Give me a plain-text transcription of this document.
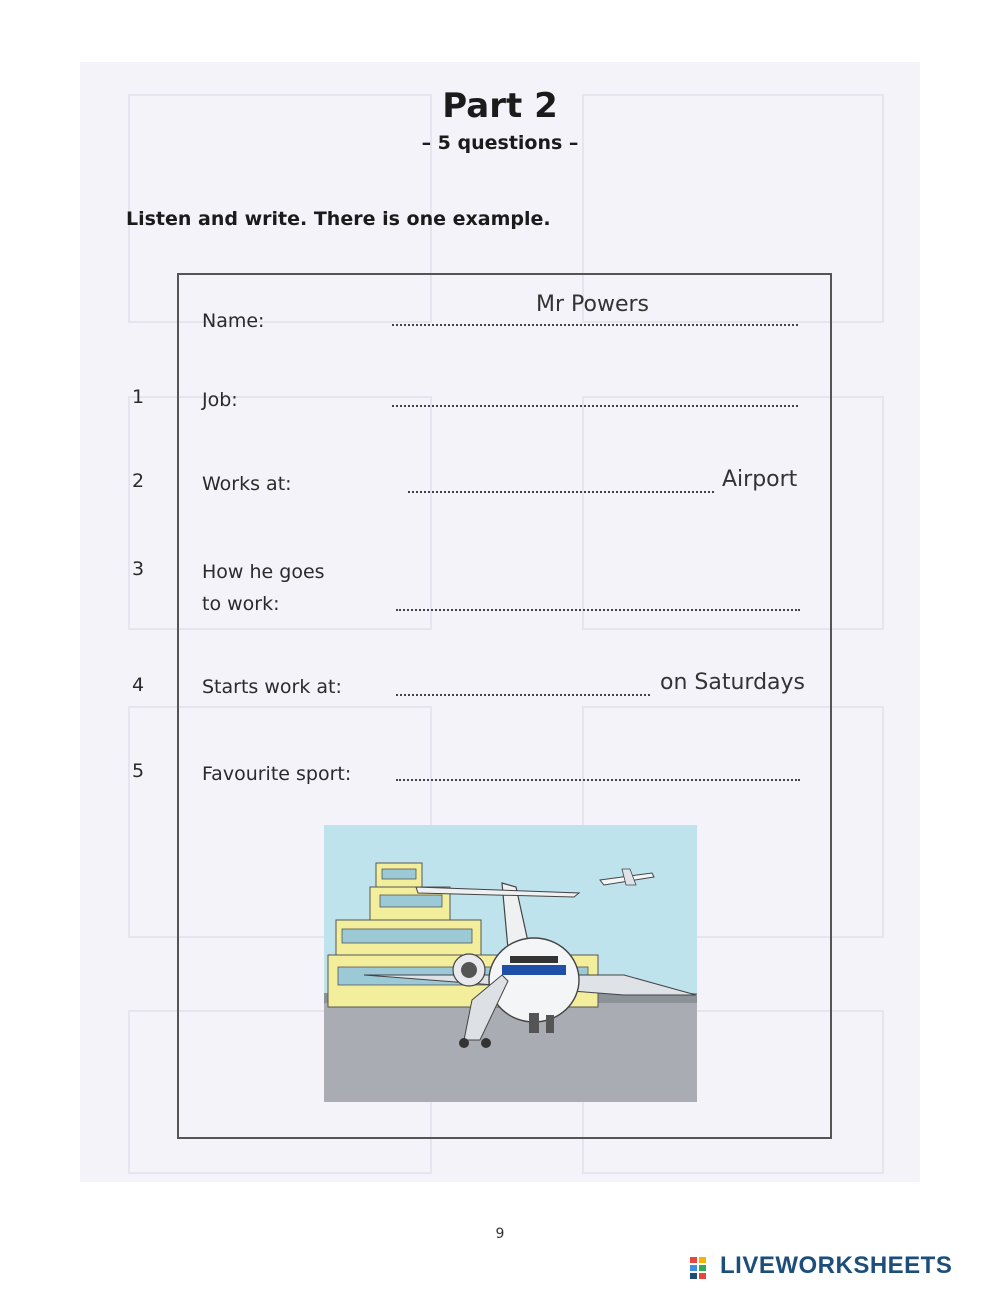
Part 2
– 5 questions –
Listen and write. There is one example.
Name:
Mr Powers
1	Job:
2	Works at:	Airport
3	How he goes
to work:
4	Starts work at:	on Saturdays
5	Favourite sport:
9
LIVEWORKSHEETS
